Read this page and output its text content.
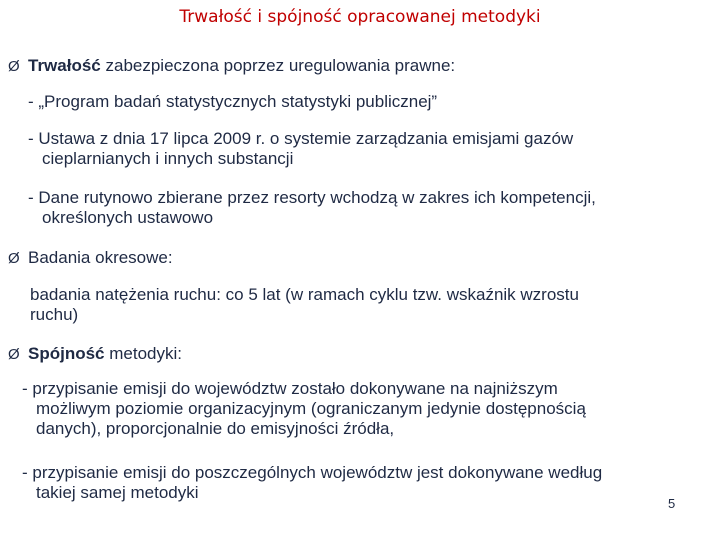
Trwałość i spójność opracowanej metodyki
Ø Trwałość zabezpieczona poprzez uregulowania prawne:
- „Program badań statystycznych statystyki publicznej”
- Ustawa z dnia 17 lipca 2009 r. o systemie zarządzania emisjami gazów
cieplarnianych i innych substancji
- Dane rutynowo zbierane przez resorty wchodzą w zakres ich kompetencji,
określonych ustawowo
Ø Badania okresowe:
badania natężenia ruchu: co 5 lat (w ramach cyklu tzw. wskaźnik wzrostu
ruchu)
Ø Spójność metodyki:
- przypisanie emisji do województw zostało dokonywane na najniższym
możliwym poziomie organizacyjnym (ograniczanym jedynie dostępnością
danych), proporcjonalnie do emisyjności źródła,
- przypisanie emisji do poszczególnych województw jest dokonywane według
takiej samej metodyki
5
